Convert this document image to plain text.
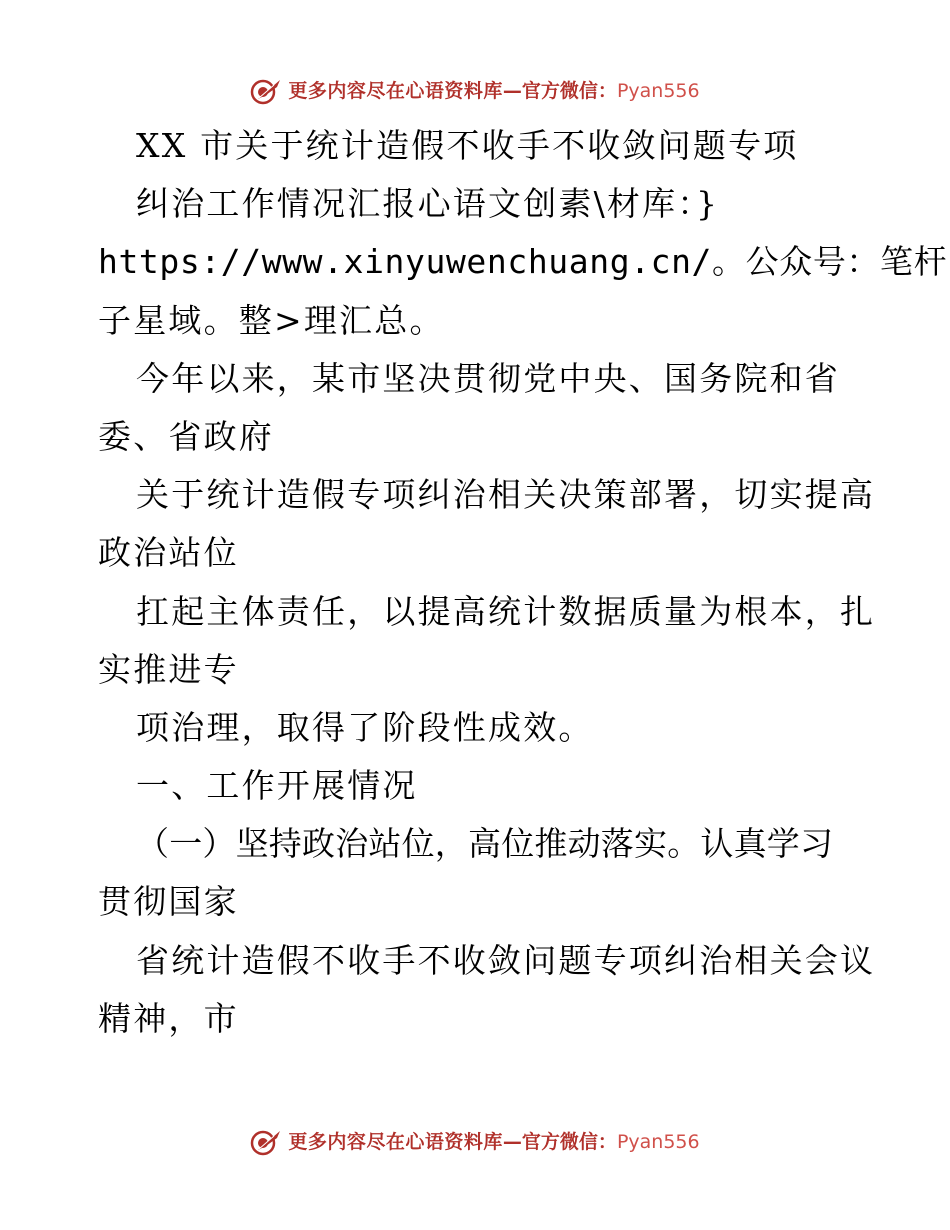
更多内容尽在心语资料库 — 官方微信： Pyan556
XX 市关于统计造假不收手不收敛问题专项
纠治工作情况汇报心语文创素\材库：}
https://www.xinyuwenchuang.cn/。公众号：笔杆
子星域。整>理汇总。
今年以来，某市坚决贯彻党中央、国务院和省
委、省政府
关于统计造假专项纠治相关决策部署，切实提高
政治站位
扛起主体责任，以提高统计数据质量为根本，扎
实推进专
项治理，取得了阶段性成效。
一、工作开展情况
（一）坚持政治站位，高位推动落实。认真学习
贯彻国家
省统计造假不收手不收敛问题专项纠治相关会议
精神，市
更多内容尽在心语资料库 — 官方微信： Pyan556
